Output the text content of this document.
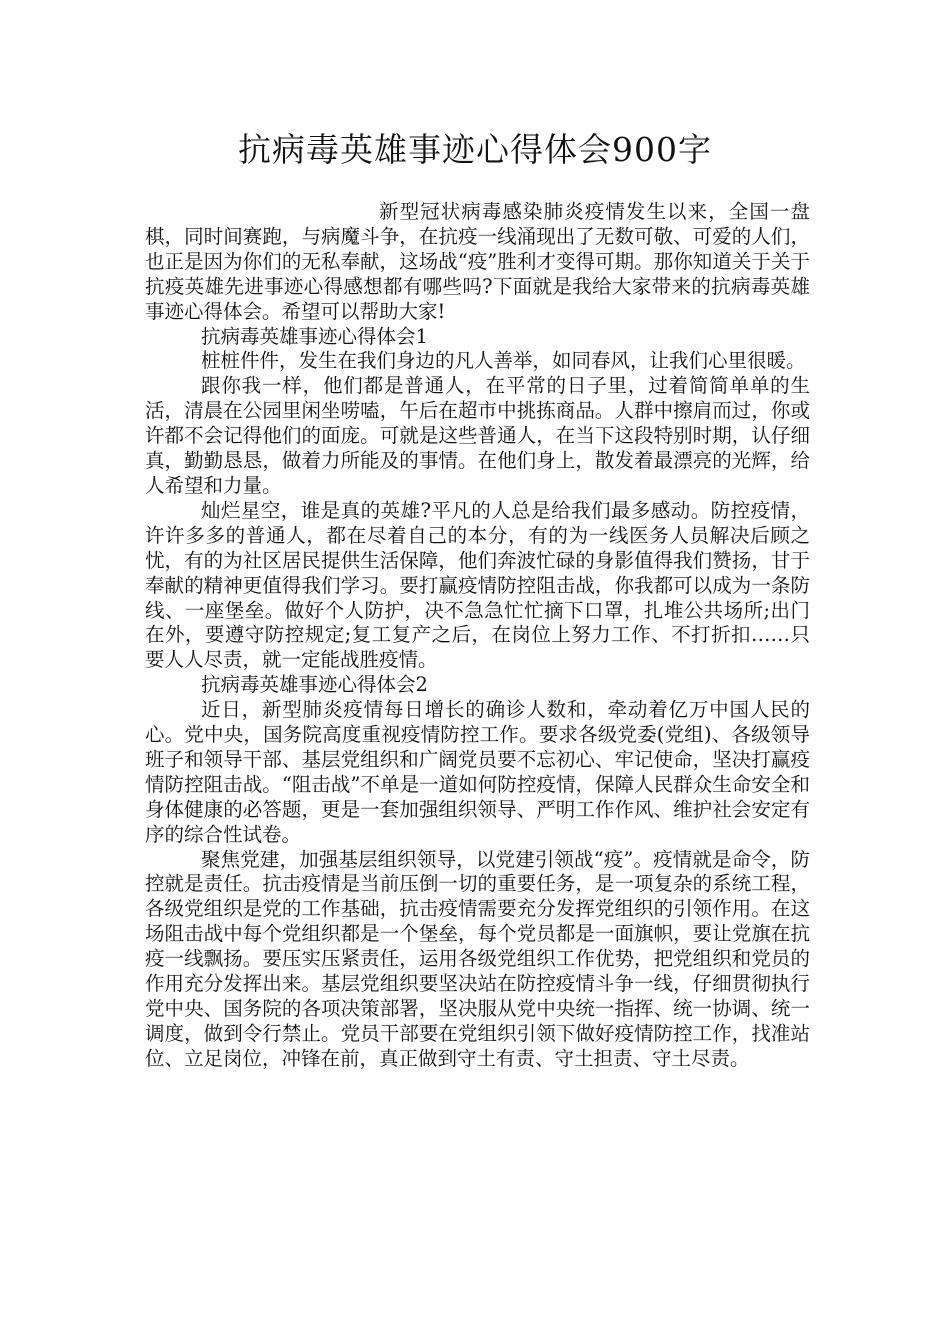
抗病毒英雄事迹心得体会900字

新型冠状病毒感染肺炎疫情发生以来，全国一盘棋，同时间赛跑，与病魔斗争，在抗疫一线涌现出了无数可敬、可爱的人们，也正是因为你们的无私奉献，这场战“疫”胜利才变得可期。那你知道关于关于抗疫英雄先进事迹心得感想都有哪些吗?下面就是我给大家带来的抗病毒英雄事迹心得体会。希望可以帮助大家!

抗病毒英雄事迹心得体会1

桩桩件件，发生在我们身边的凡人善举，如同春风，让我们心里很暖。

跟你我一样，他们都是普通人，在平常的日子里，过着简简单单的生活，清晨在公园里闲坐唠嗑，午后在超市中挑拣商品。人群中擦肩而过，你或许都不会记得他们的面庞。可就是这些普通人，在当下这段特别时期，认仔细真，勤勤恳恳，做着力所能及的事情。在他们身上，散发着最漂亮的光辉，给人希望和力量。

灿烂星空，谁是真的英雄?平凡的人总是给我们最多感动。防控疫情，许许多多的普通人，都在尽着自己的本分，有的为一线医务人员解决后顾之忧，有的为社区居民提供生活保障，他们奔波忙碌的身影值得我们赞扬，甘于奉献的精神更值得我们学习。要打赢疫情防控阻击战，你我都可以成为一条防线、一座堡垒。做好个人防护，决不急急忙忙摘下口罩，扎堆公共场所;出门在外，要遵守防控规定;复工复产之后，在岗位上努力工作、不打折扣……只要人人尽责，就一定能战胜疫情。

抗病毒英雄事迹心得体会2

近日，新型肺炎疫情每日增长的确诊人数和，牵动着亿万中国人民的心。党中央，国务院高度重视疫情防控工作。要求各级党委(党组)、各级领导班子和领导干部、基层党组织和广阔党员要不忘初心、牢记使命，坚决打赢疫情防控阻击战。“阻击战”不单是一道如何防控疫情，保障人民群众生命安全和身体健康的必答题，更是一套加强组织领导、严明工作作风、维护社会安定有序的综合性试卷。

聚焦党建，加强基层组织领导，以党建引领战“疫”。疫情就是命令，防控就是责任。抗击疫情是当前压倒一切的重要任务，是一项复杂的系统工程，各级党组织是党的工作基础，抗击疫情需要充分发挥党组织的引领作用。在这场阻击战中每个党组织都是一个堡垒，每个党员都是一面旗帜，要让党旗在抗疫一线飘扬。要压实压紧责任，运用各级党组织工作优势，把党组织和党员的作用充分发挥出来。基层党组织要坚决站在防控疫情斗争一线，仔细贯彻执行党中央、国务院的各项决策部署，坚决服从党中央统一指挥、统一协调、统一调度，做到令行禁止。党员干部要在党组织引领下做好疫情防控工作，找准站位、立足岗位，冲锋在前，真正做到守土有责、守土担责、守土尽责。
